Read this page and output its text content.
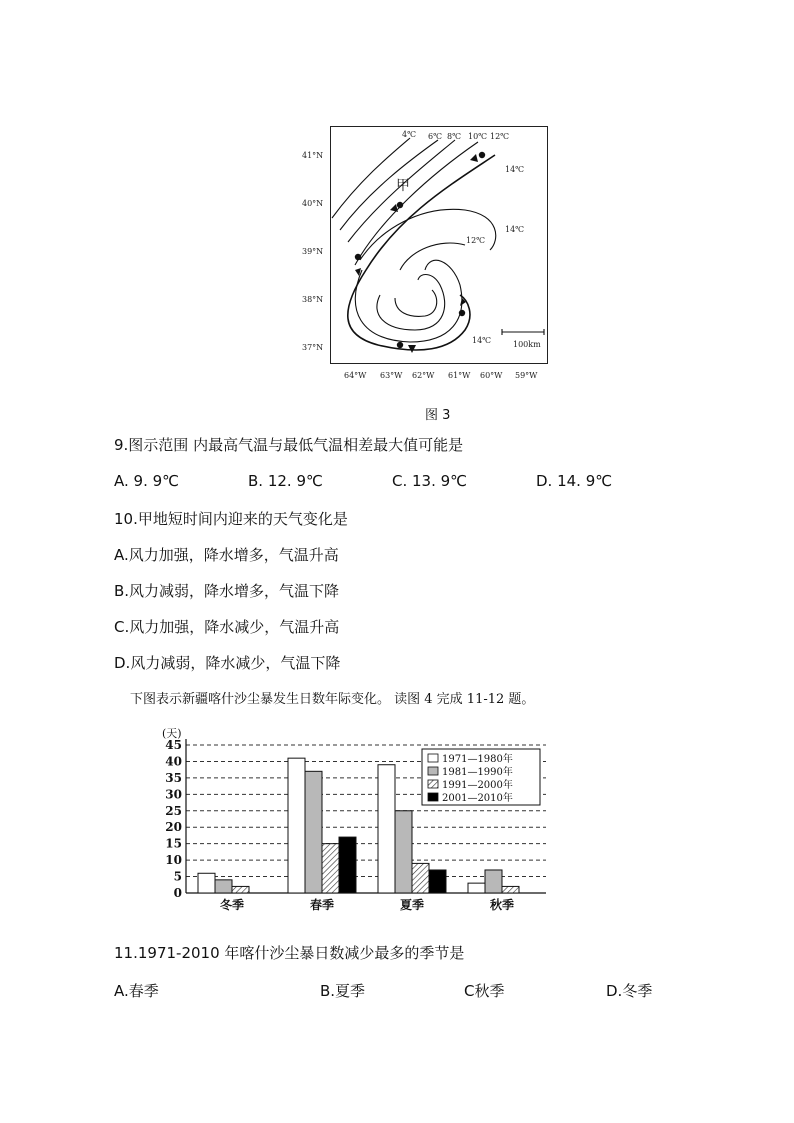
41°N
40°N
39°N
38°N
37°N
64°W 63°W 62°W 61°W 60°W 59°W
4℃ 6℃ 8℃ 10℃ 12℃
14℃
14℃
12℃
14℃
甲
100km
图 3
9.图示范围 内最高气温与最低气温相差最大值可能是
A. 9. 9℃	B. 12. 9℃	C. 13. 9℃	D. 14. 9℃
10.甲地短时间内迎来的天气变化是
A.风力加强，降水增多，气温升高
B.风力减弱，降水增多，气温下降
C.风力加强，降水减少，气温升高
D.风力减弱，降水减少，气温下降
下图表示新疆喀什沙尘暴发生日数年际变化。 读图 4 完成 11-12 题。
0
5
10
15
20
25
30
35
40
45
(天)
冬季	春季	夏季	秋季
1971—1980年
1981—1990年
1991—2000年
2001—2010年
11.1971-2010 年喀什沙尘暴日数减少最多的季节是
A.春季	B.夏季	C秋季	D.冬季
